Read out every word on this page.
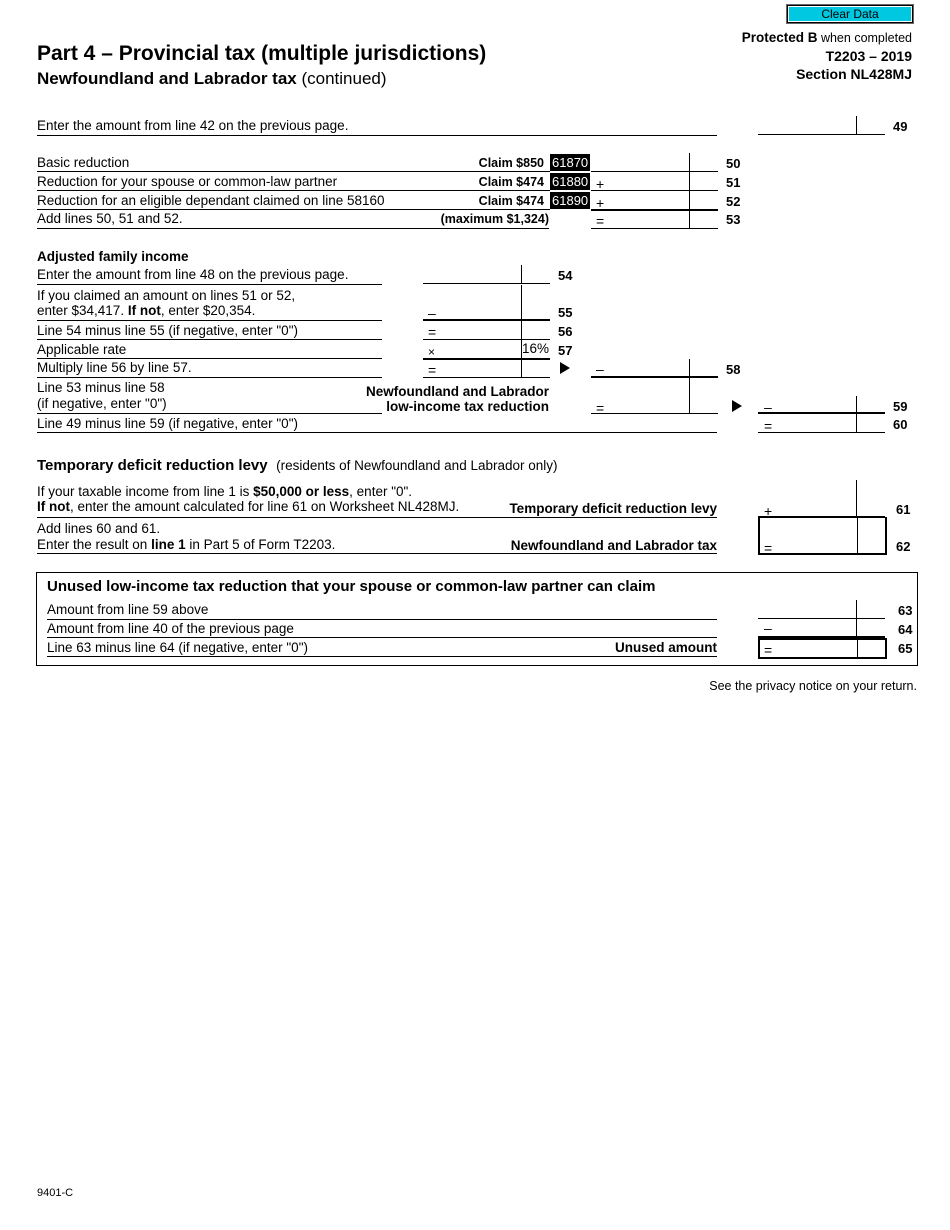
Clear Data
Protected B when completed
T2203 – 2019
Section NL428MJ
Part 4 – Provincial tax (multiple jurisdictions)
Newfoundland and Labrador tax (continued)
Enter the amount from line 42 on the previous page.	49
Basic reduction	Claim $850 61870	50
Reduction for your spouse or common-law partner	Claim $474 61880 +	51
Reduction for an eligible dependant claimed on line 58160	Claim $474 61890 +	52
Add lines 50, 51 and 52.	(maximum $1,324)	=	53
Adjusted family income
Enter the amount from line 48 on the previous page.	54
If you claimed an amount on lines 51 or 52,
enter $34,417. If not, enter $20,354.	–	55
Line 54 minus line 55 (if negative, enter "0")	=	56
Applicable rate	×	16% 57
Multiply line 56 by line 57.	=	–	58
Line 53 minus line 58
(if negative, enter "0")
Newfoundland and Labrador
low-income tax reduction	=	–	59
Line 49 minus line 59 (if negative, enter "0")	=	60
Temporary deficit reduction levy (residents of Newfoundland and Labrador only)
If your taxable income from line 1 is $50,000 or less, enter "0".
If not, enter the amount calculated for line 61 on Worksheet NL428MJ.	Temporary deficit reduction levy	+	61
Add lines 60 and 61.
Enter the result on line 1 in Part 5 of Form T2203.	Newfoundland and Labrador tax	=	62
Unused low-income tax reduction that your spouse or common-law partner can claim
Amount from line 59 above	63
Amount from line 40 of the previous page	–	64
Line 63 minus line 64 (if negative, enter "0")	Unused amount	=	65
See the privacy notice on your return.
9401-C
